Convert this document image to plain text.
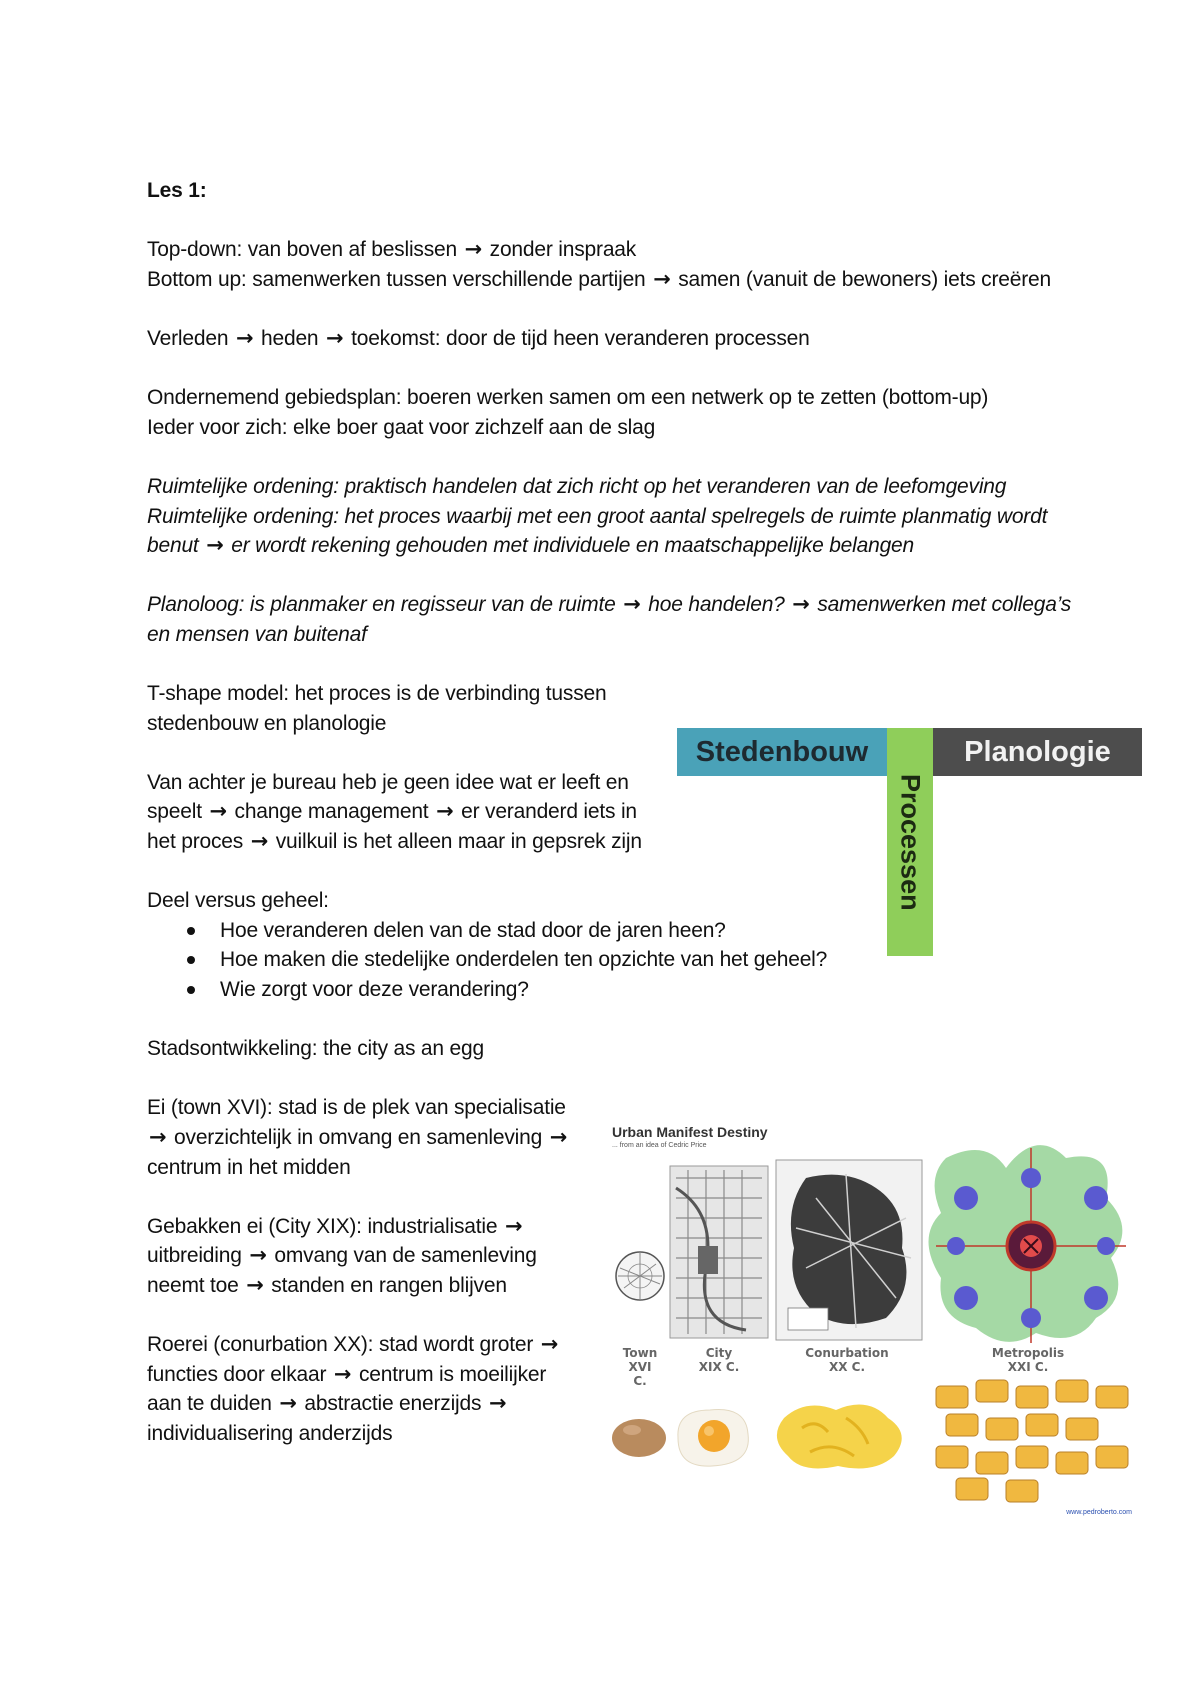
Les 1:

Top-down: van boven af beslissen → zonder inspraak

Bottom up: samenwerken tussen verschillende partijen → samen (vanuit de bewoners) iets creëren

Verleden → heden → toekomst: door de tijd heen veranderen processen

Ondernemend gebiedsplan: boeren werken samen om een netwerk op te zetten (bottom-up)

Ieder voor zich: elke boer gaat voor zichzelf aan de slag

Ruimtelijke ordening: praktisch handelen dat zich richt op het veranderen van de leefomgeving

Ruimtelijke ordening: het proces waarbij met een groot aantal spelregels de ruimte planmatig wordt benut → er wordt rekening gehouden met individuele en maatschappelijke belangen

Planoloog: is planmaker en regisseur van de ruimte → hoe handelen? → samenwerken met collega’s en mensen van buitenaf

T-shape model: het proces is de verbinding tussen stedenbouw en planologie

Van achter je bureau heb je geen idee wat er leeft en speelt → change management → er veranderd iets in het proces → vuilkuil is het alleen maar in gepsrek zijn

Deel versus geheel:
Hoe veranderen delen van de stad door de jaren heen?
Hoe maken die stedelijke onderdelen ten opzichte van het geheel?
Wie zorgt voor deze verandering?

Stadsontwikkeling: the city as an egg

Ei (town XVI): stad is de plek van specialisatie → overzichtelijk in omvang en samenleving → centrum in het midden

Gebakken ei (City XIX): industrialisatie → uitbreiding → omvang van de samenleving neemt toe → standen en rangen blijven

Roerei (conurbation XX): stad wordt groter → functies door elkaar → centrum is moeilijker aan te duiden → abstractie enerzijds → individualisering anderzijds

Stedenbouw
Processen
Planologie
Urban Manifest Destiny
... from an idea of Cedric Price
Town
XVI C.
City
XIX C.
Conurbation
XX C.
Metropolis
XXI C.
www.pedroberto.com
